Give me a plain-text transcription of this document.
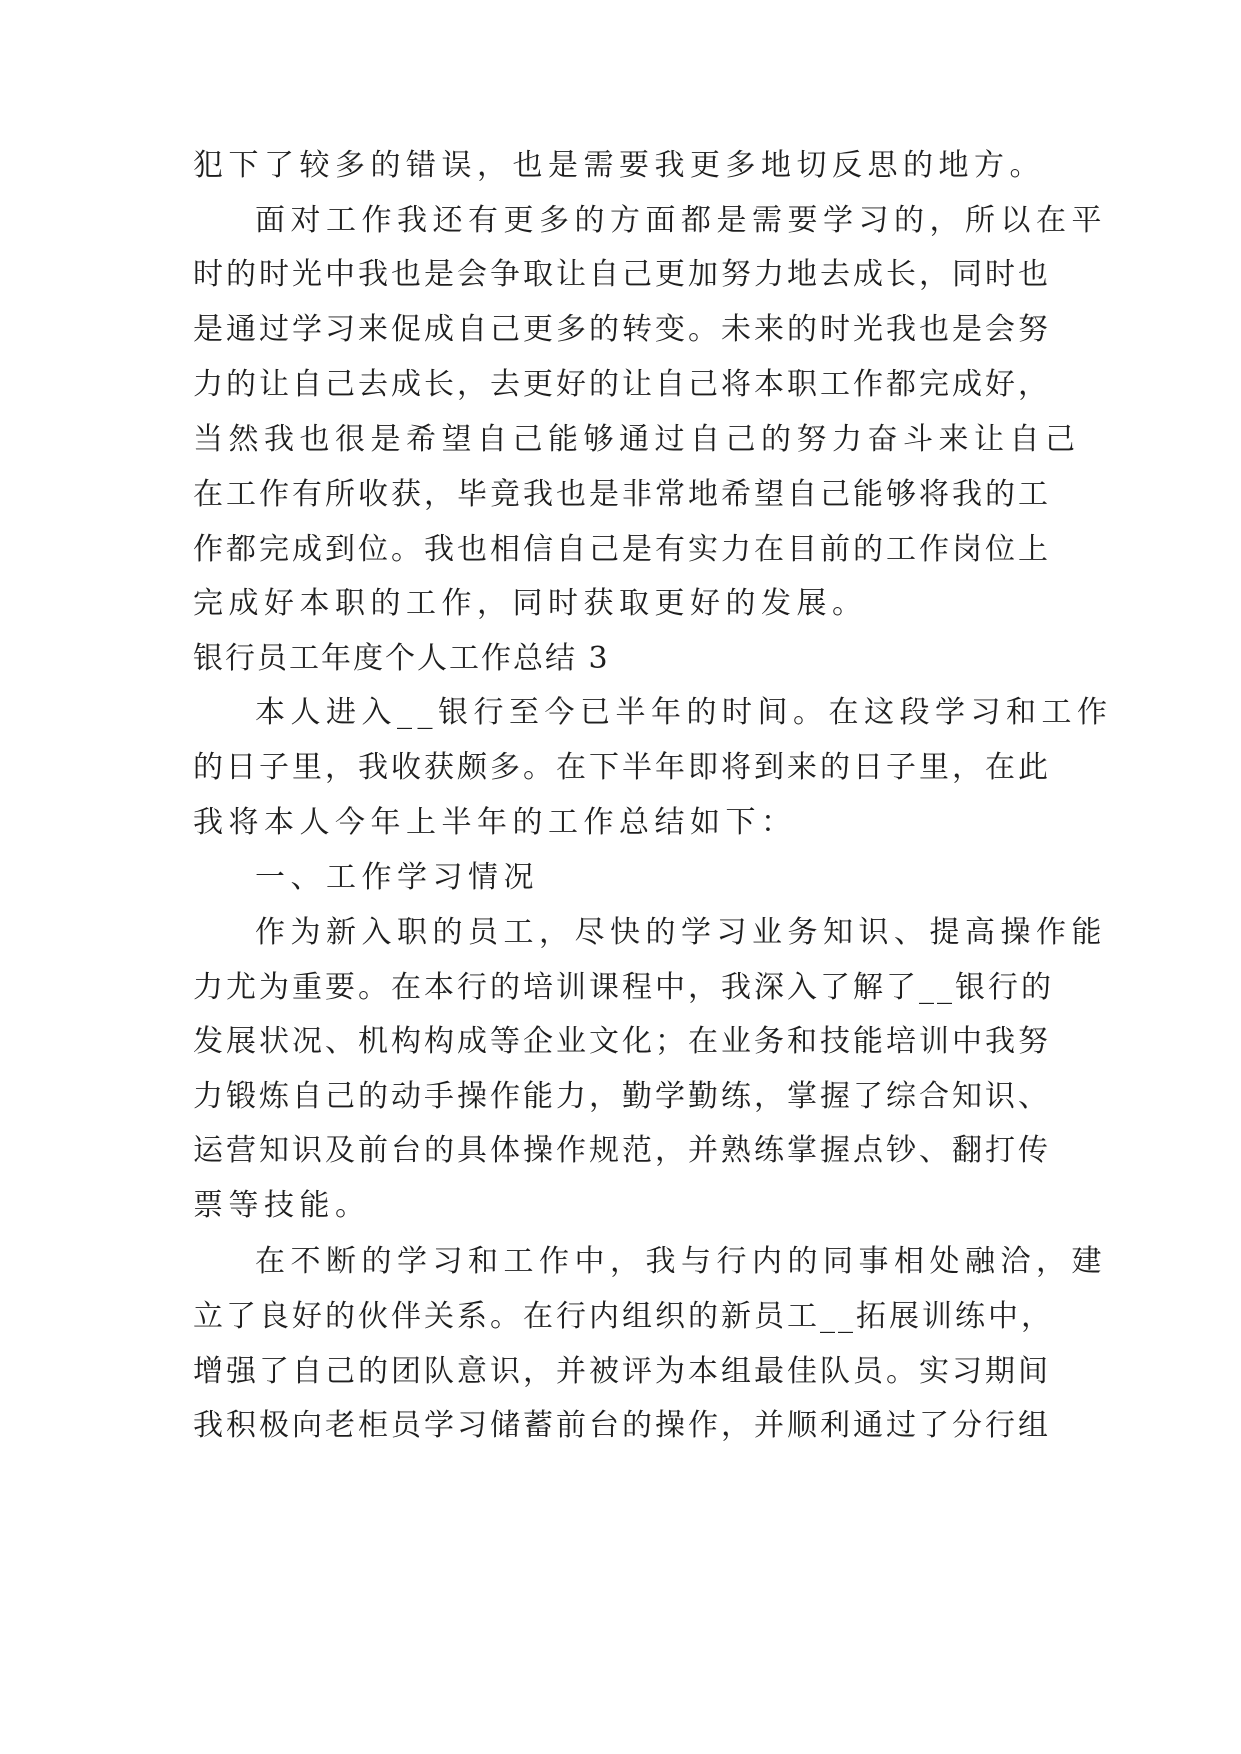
犯下了较多的错误，也是需要我更多地切反思的地方。
面对工作我还有更多的方面都是需要学习的，所以在平
时的时光中我也是会争取让自己更加努力地去成长，同时也
是通过学习来促成自己更多的转变。未来的时光我也是会努
力的让自己去成长，去更好的让自己将本职工作都完成好，
当然我也很是希望自己能够通过自己的努力奋斗来让自己
在工作有所收获，毕竟我也是非常地希望自己能够将我的工
作都完成到位。我也相信自己是有实力在目前的工作岗位上
完成好本职的工作，同时获取更好的发展。
银行员工年度个人工作总结 3
本人进入__银行至今已半年的时间。在这段学习和工作
的日子里，我收获颇多。在下半年即将到来的日子里，在此
我将本人今年上半年的工作总结如下：
一、工作学习情况
作为新入职的员工，尽快的学习业务知识、提高操作能
力尤为重要。在本行的培训课程中，我深入了解了__银行的
发展状况、机构构成等企业文化；在业务和技能培训中我努
力锻炼自己的动手操作能力，勤学勤练，掌握了综合知识、
运营知识及前台的具体操作规范，并熟练掌握点钞、翻打传
票等技能。
在不断的学习和工作中，我与行内的同事相处融洽，建
立了良好的伙伴关系。在行内组织的新员工__拓展训练中，
增强了自己的团队意识，并被评为本组最佳队员。实习期间
我积极向老柜员学习储蓄前台的操作，并顺利通过了分行组
